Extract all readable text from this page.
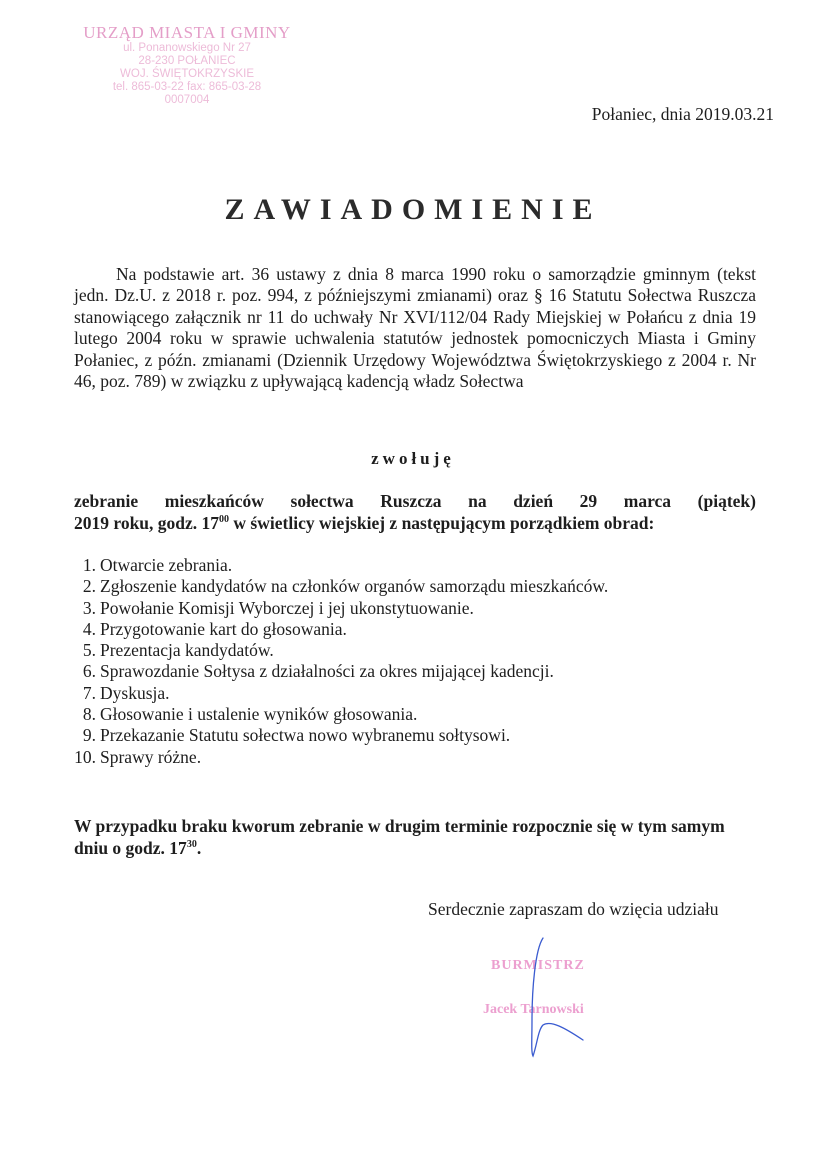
URZĄD MIASTA I GMINY
ul. Ponanowskiego Nr 27
28-230 POŁANIEC
WOJ. ŚWIĘTOKRZYSKIE
tel. 865-03-22 fax: 865-03-28
0007004
Połaniec, dnia 2019.03.21
ZAWIADOMIENIE
Na podstawie art. 36 ustawy z dnia 8 marca 1990 roku o samorządzie gminnym (tekst jedn. Dz.U. z 2018 r. poz. 994, z późniejszymi zmianami) oraz § 16 Statutu Sołectwa Ruszcza stanowiącego załącznik nr 11 do uchwały Nr XVI/112/04 Rady Miejskiej w Połańcu z dnia 19 lutego 2004 roku w sprawie uchwalenia statutów jednostek pomocniczych Miasta i Gminy Połaniec, z późn. zmianami (Dziennik Urzędowy Województwa Świętokrzyskiego z 2004 r. Nr 46, poz. 789) w związku z upływającą kadencją władz Sołectwa
zwołuję
zebranie mieszkańców sołectwa Ruszcza na dzień 29 marca (piątek)
2019 roku, godz. $17^{00}$ w świetlicy wiejskiej z następującym porządkiem obrad:
1. Otwarcie zebrania.
2. Zgłoszenie kandydatów na członków organów samorządu mieszkańców.
3. Powołanie Komisji Wyborczej i jej ukonstytuowanie.
4. Przygotowanie kart do głosowania.
5. Prezentacja kandydatów.
6. Sprawozdanie Sołtysa z działalności za okres mijającej kadencji.
7. Dyskusja.
8. Głosowanie i ustalenie wyników głosowania.
9. Przekazanie Statutu sołectwa nowo wybranemu sołtysowi.
10. Sprawy różne.
W przypadku braku kworum zebranie w drugim terminie rozpocznie się w tym samym dniu o godz. $17^{30}$.
Serdecznie zapraszam do wzięcia udziału
BURMISTRZ
Jacek Tarnowski
